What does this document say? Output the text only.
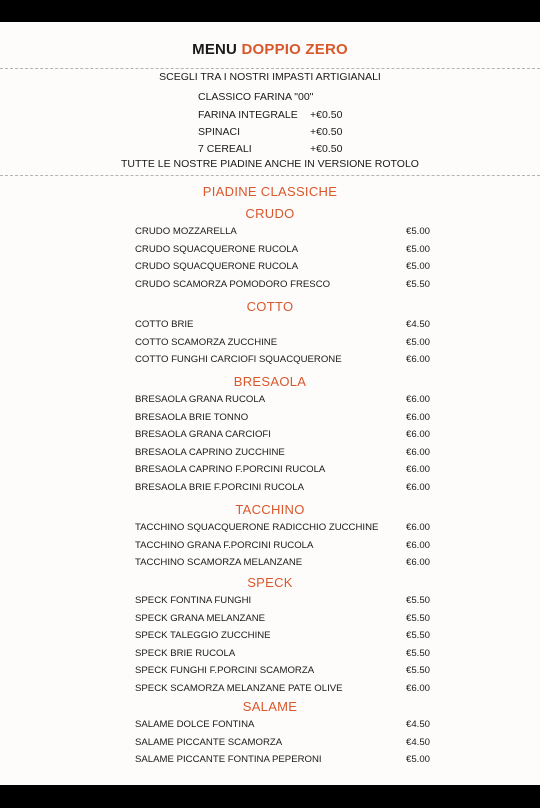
MENU DOPPIO ZERO
SCEGLI TRA I NOSTRI IMPASTI ARTIGIANALI
CLASSICO FARINA "00"
FARINA INTEGRALE +€0.50
SPINACI	+€0.50
7 CEREALI	+€0.50
TUTTE LE NOSTRE PIADINE ANCHE IN VERSIONE ROTOLO
PIADINE CLASSICHE
CRUDO
CRUDO MOZZARELLA	€5.00
CRUDO SQUACQUERONE RUCOLA	€5.00
CRUDO SQUACQUERONE RUCOLA	€5.00
CRUDO SCAMORZA POMODORO FRESCO	€5.50
COTTO
COTTO BRIE	€4.50
COTTO SCAMORZA ZUCCHINE	€5.00
COTTO FUNGHI CARCIOFI SQUACQUERONE	€6.00
BRESAOLA
BRESAOLA GRANA RUCOLA	€6.00
BRESAOLA BRIE TONNO	€6.00
BRESAOLA GRANA CARCIOFI	€6.00
BRESAOLA CAPRINO ZUCCHINE	€6.00
BRESAOLA CAPRINO F.PORCINI RUCOLA	€6.00
BRESAOLA BRIE F.PORCINI RUCOLA	€6.00
TACCHINO
TACCHINO SQUACQUERONE RADICCHIO ZUCCHINE	€6.00
TACCHINO GRANA F.PORCINI RUCOLA	€6.00
TACCHINO SCAMORZA MELANZANE	€6.00
SPECK
SPECK FONTINA FUNGHI	€5.50
SPECK GRANA MELANZANE	€5.50
SPECK TALEGGIO ZUCCHINE	€5.50
SPECK BRIE RUCOLA	€5.50
SPECK FUNGHI F.PORCINI SCAMORZA	€5.50
SPECK SCAMORZA MELANZANE PATE OLIVE	€6.00
SALAME
SALAME DOLCE FONTINA	€4.50
SALAME PICCANTE SCAMORZA	€4.50
SALAME PICCANTE FONTINA PEPERONI	€5.00
